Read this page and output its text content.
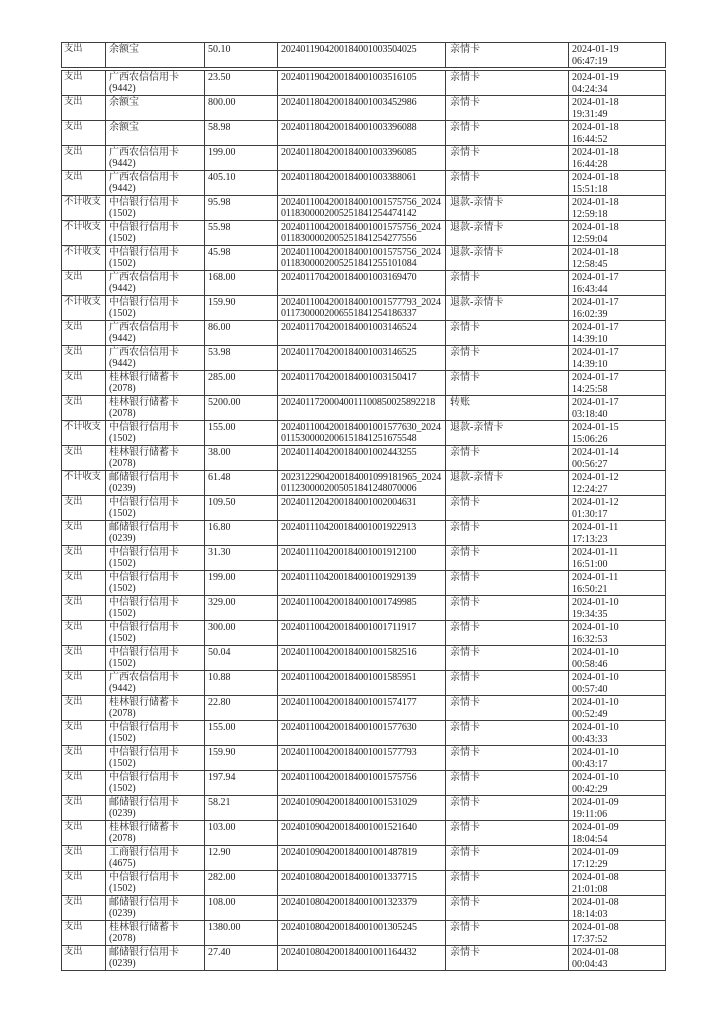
支出	余额宝	50.10	2024011904200184001003504025	亲情卡	2024-01-19
06:47:19
支出	广西农信信用卡
(9442)
	23.50	2024011904200184001003516105	亲情卡	2024-01-19
04:24:34

支出	余额宝	800.00	2024011804200184001003452986	亲情卡	2024-01-18
19:31:49

支出	余额宝	58.98	2024011804200184001003396088	亲情卡	2024-01-18
16:44:52

支出	广西农信信用卡
(9442)
	199.00	2024011804200184001003396085	亲情卡	2024-01-18
16:44:28

支出	广西农信信用卡
(9442)
	405.10	2024011804200184001003388061	亲情卡	2024-01-18
15:51:18

不计收支	中信银行信用卡
(1502)
	95.98	2024011004200184001001575756_20240118300002005251841254474142	退款-亲情卡	2024-01-18
12:59:18

不计收支	中信银行信用卡
(1502)
	55.98	2024011004200184001001575756_20240118300002005251841254277556	退款-亲情卡	2024-01-18
12:59:04

不计收支	中信银行信用卡
(1502)
	45.98	2024011004200184001001575756_20240118300002005251841255101084	退款-亲情卡	2024-01-18
12:58:45

支出	广西农信信用卡
(9442)
	168.00	2024011704200184001003169470	亲情卡	2024-01-17
16:43:44

不计收支	中信银行信用卡
(1502)
	159.90	2024011004200184001001577793_20240117300002006551841254186337	退款-亲情卡	2024-01-17
16:02:39

支出	广西农信信用卡
(9442)
	86.00	2024011704200184001003146524	亲情卡	2024-01-17
14:39:10

支出	广西农信信用卡
(9442)
	53.98	2024011704200184001003146525	亲情卡	2024-01-17
14:39:10

支出	桂林银行储蓄卡
(2078)
	285.00	2024011704200184001003150417	亲情卡	2024-01-17
14:25:58

支出	桂林银行储蓄卡
(2078)
	5200.00	20240117200040011100850025892218	转账	2024-01-17
03:18:40

不计收支	中信银行信用卡
(1502)
	155.00	2024011004200184001001577630_20240115300002006151841251675548	退款-亲情卡	2024-01-15
15:06:26

支出	桂林银行储蓄卡
(2078)
	38.00	2024011404200184001002443255	亲情卡	2024-01-14
00:56:27

不计收支	邮储银行信用卡
(0239)
	61.48	2023122904200184001099181965_20240112300002005051841248070006	退款-亲情卡	2024-01-12
12:24:27

支出	中信银行信用卡
(1502)
	109.50	2024011204200184001002004631	亲情卡	2024-01-12
01:30:17

支出	邮储银行信用卡
(0239)
	16.80	2024011104200184001001922913	亲情卡	2024-01-11
17:13:23

支出	中信银行信用卡
(1502)
	31.30	2024011104200184001001912100	亲情卡	2024-01-11
16:51:00

支出	中信银行信用卡
(1502)
	199.00	2024011104200184001001929139	亲情卡	2024-01-11
16:50:21

支出	中信银行信用卡
(1502)
	329.00	2024011004200184001001749985	亲情卡	2024-01-10
19:34:35

支出	中信银行信用卡
(1502)
	300.00	2024011004200184001001711917	亲情卡	2024-01-10
16:32:53

支出	中信银行信用卡
(1502)
	50.04	2024011004200184001001582516	亲情卡	2024-01-10
00:58:46

支出	广西农信信用卡
(9442)
	10.88	2024011004200184001001585951	亲情卡	2024-01-10
00:57:40

支出	桂林银行储蓄卡
(2078)
	22.80	2024011004200184001001574177	亲情卡	2024-01-10
00:52:49

支出	中信银行信用卡
(1502)
	155.00	2024011004200184001001577630	亲情卡	2024-01-10
00:43:33

支出	中信银行信用卡
(1502)
	159.90	2024011004200184001001577793	亲情卡	2024-01-10
00:43:17

支出	中信银行信用卡
(1502)
	197.94	2024011004200184001001575756	亲情卡	2024-01-10
00:42:29

支出	邮储银行信用卡
(0239)
	58.21	2024010904200184001001531029	亲情卡	2024-01-09
19:11:06

支出	桂林银行储蓄卡
(2078)
	103.00	2024010904200184001001521640	亲情卡	2024-01-09
18:04:54

支出	工商银行信用卡
(4675)
	12.90	2024010904200184001001487819	亲情卡	2024-01-09
17:12:29

支出	中信银行信用卡
(1502)
	282.00	2024010804200184001001337715	亲情卡	2024-01-08
21:01:08

支出	邮储银行信用卡
(0239)
	108.00	2024010804200184001001323379	亲情卡	2024-01-08
18:14:03

支出	桂林银行储蓄卡
(2078)
	1380.00	2024010804200184001001305245	亲情卡	2024-01-08
17:37:52

支出	邮储银行信用卡
(0239)
	27.40	2024010804200184001001164432	亲情卡	2024-01-08
00:04:43
